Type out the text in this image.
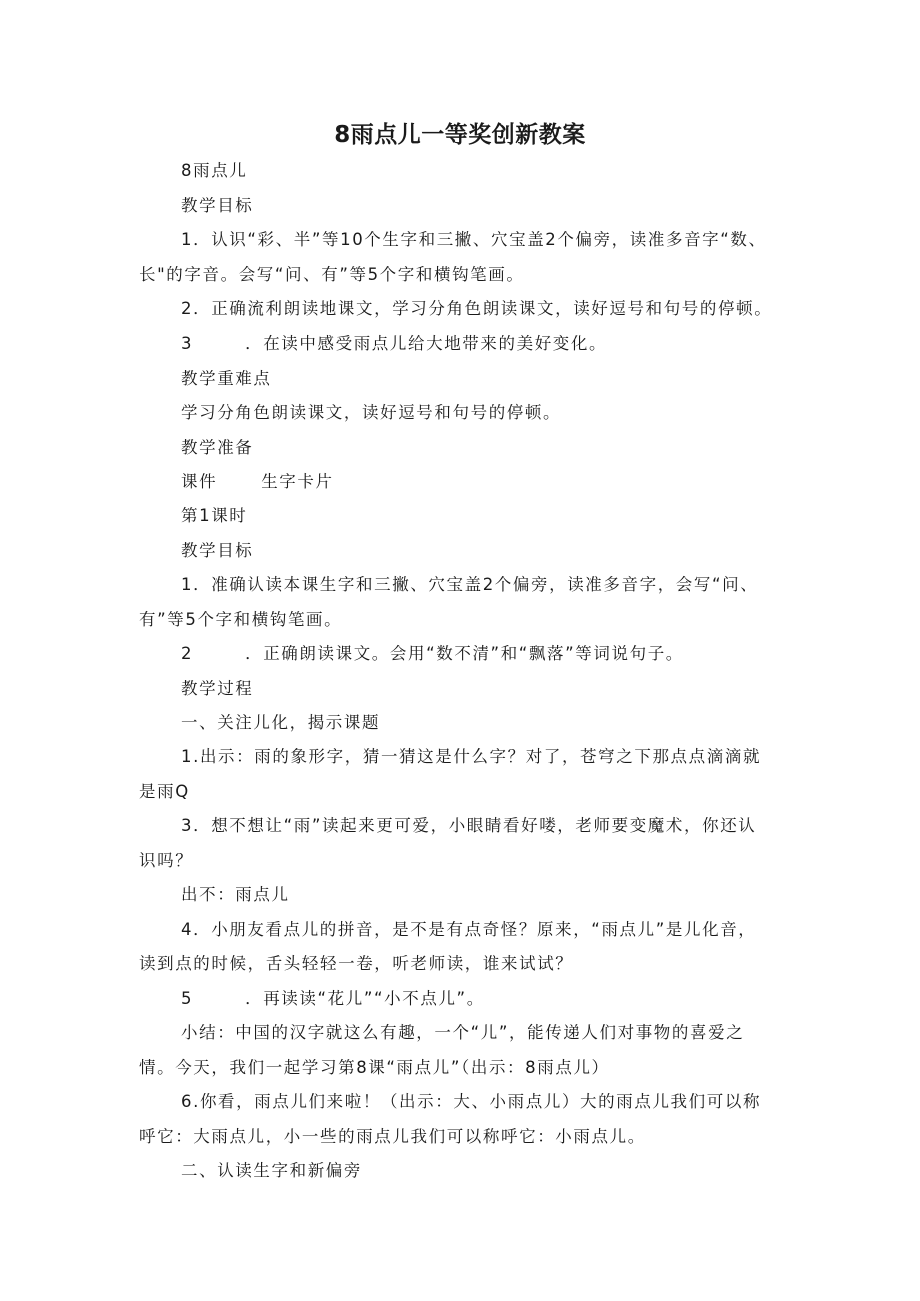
8雨点儿一等奖创新教案
8雨点儿
教学目标
1．认识“彩、半”等10个生字和三撇、穴宝盖2个偏旁，读准多音字“数、
长"的字音。会写“问、有”等5个字和横钩笔画。
2．正确流利朗读地课文，学习分角色朗读课文，读好逗号和句号的停顿。
3	．在读中感受雨点儿给大地带来的美好变化。
教学重难点
学习分角色朗读课文，读好逗号和句号的停顿。
教学准备
课件	生字卡片
第1课时
教学目标
1．准确认读本课生字和三撇、穴宝盖2个偏旁，读准多音字，会写“问、
有”等5个字和横钩笔画。
2	．正确朗读课文。会用“数不清”和“飘落”等词说句子。
教学过程
一、关注儿化，揭示课题
1.出示：雨的象形字，猜一猜这是什么字？对了，苍穹之下那点点滴滴就
是雨Q
3．想不想让“雨”读起来更可爱，小眼睛看好喽，老师要变魔术，你还认
识吗？
出不：雨点儿
4．小朋友看点儿的拼音，是不是有点奇怪？原来，“雨点儿”是儿化音，
读到点的时候，舌头轻轻一卷，听老师读，谁来试试？
5	．再读读“花儿”“小不点儿”。
小结：中国的汉字就这么有趣，一个“儿”，能传递人们对事物的喜爱之
情。今天，我们一起学习第8课“雨点儿”（出示：8雨点儿）
6.你看，雨点儿们来啦！（出示：大、小雨点儿）大的雨点儿我们可以称
呼它：大雨点儿，小一些的雨点儿我们可以称呼它：小雨点儿。
二、认读生字和新偏旁
